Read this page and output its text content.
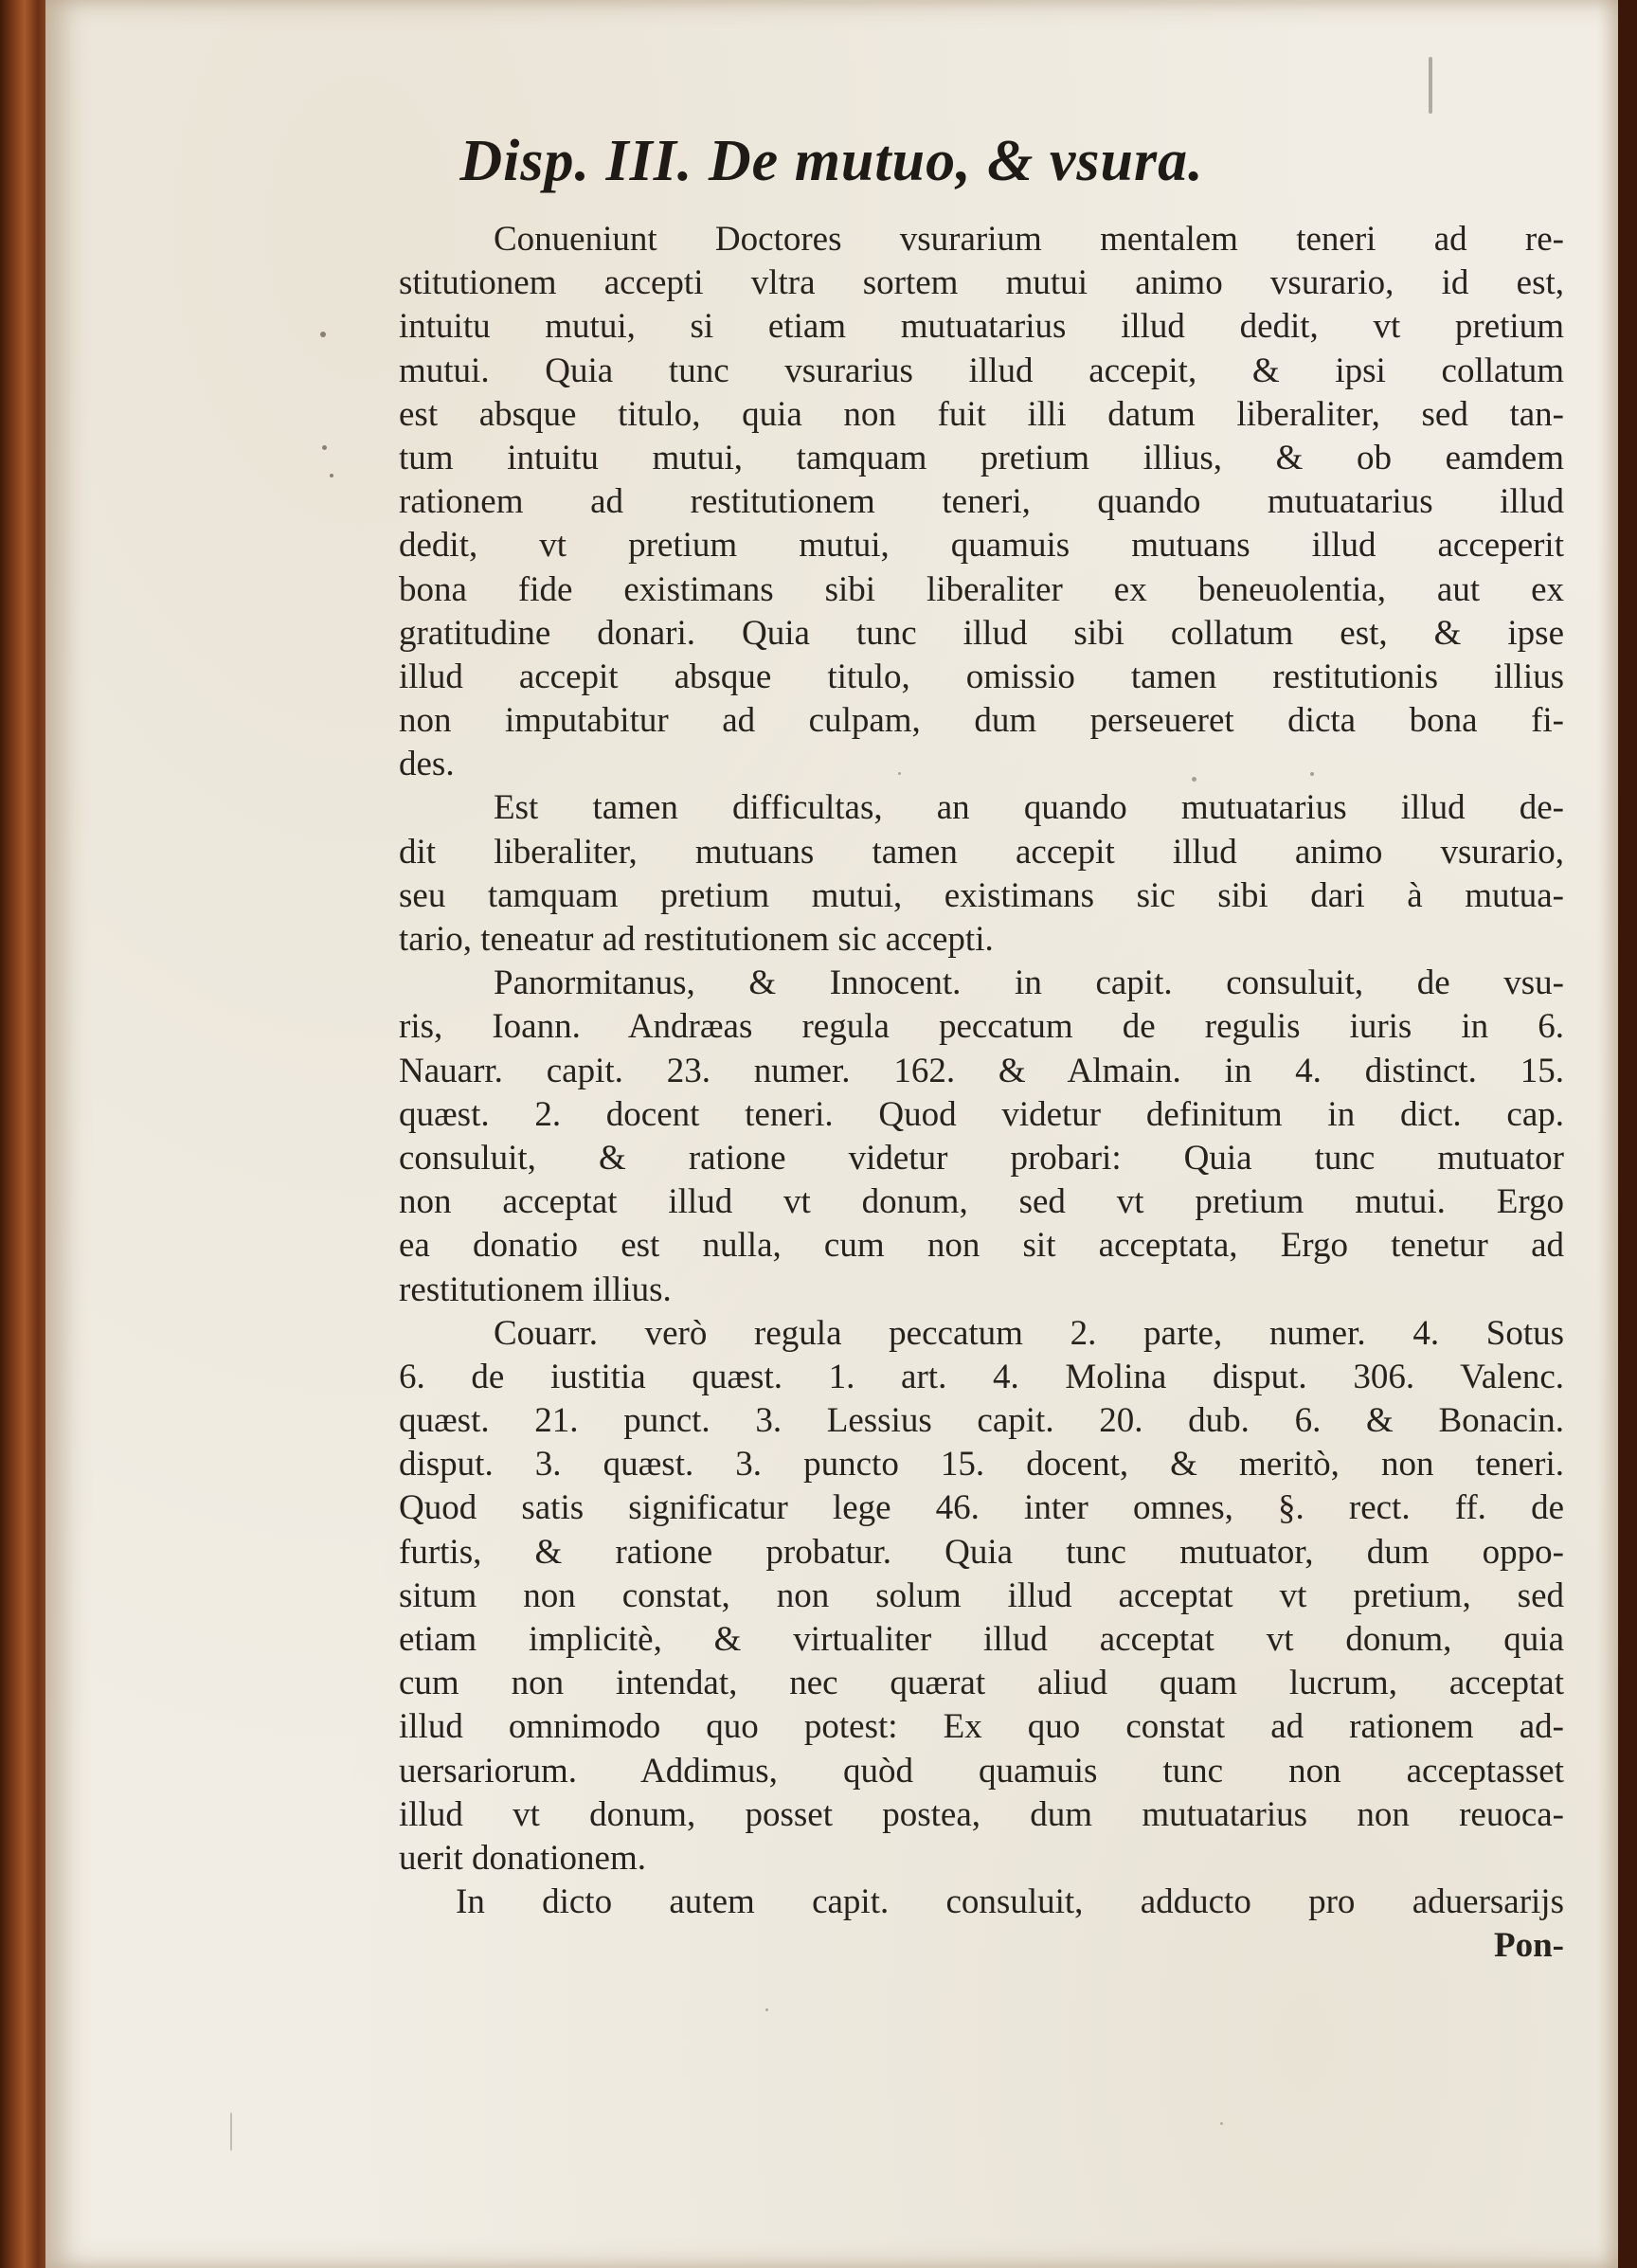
Disp. III. De mutuo, & vsura.
Conueniunt Doctores vsurarium mentalem teneri ad re-
stitutionem accepti vltra sortem mutui animo vsurario, id est,
intuitu mutui, si etiam mutuatarius illud dedit, vt pretium
mutui. Quia tunc vsurarius illud accepit, & ipsi collatum
est absque titulo, quia non fuit illi datum liberaliter, sed tan-
tum intuitu mutui, tamquam pretium illius, & ob eamdem
rationem ad restitutionem teneri, quando mutuatarius illud
dedit, vt pretium mutui, quamuis mutuans illud acceperit
bona fide existimans sibi liberaliter ex beneuolentia, aut ex
gratitudine donari. Quia tunc illud sibi collatum est, & ipse
illud accepit absque titulo, omissio tamen restitutionis illius
non imputabitur ad culpam, dum perseueret dicta bona fi-
des.
Est tamen difficultas, an quando mutuatarius illud de-
dit liberaliter, mutuans tamen accepit illud animo vsurario,
seu tamquam pretium mutui, existimans sic sibi dari à mutua-
tario, teneatur ad restitutionem sic accepti.
Panormitanus, & Innocent. in capit. consuluit, de vsu-
ris, Ioann. Andræas regula peccatum de regulis iuris in 6.
Nauarr. capit. 23. numer. 162. & Almain. in 4. distinct. 15.
quæst. 2. docent teneri. Quod videtur definitum in dict. cap.
consuluit, & ratione videtur probari: Quia tunc mutuator
non acceptat illud vt donum, sed vt pretium mutui. Ergo
ea donatio est nulla, cum non sit acceptata, Ergo tenetur ad
restitutionem illius.
Couarr. verò regula peccatum 2. parte, numer. 4. Sotus
6. de iustitia quæst. 1. art. 4. Molina disput. 306. Valenc.
quæst. 21. punct. 3. Lessius capit. 20. dub. 6. & Bonacin.
disput. 3. quæst. 3. puncto 15. docent, & meritò, non teneri.
Quod satis significatur lege 46. inter omnes, §. rect. ff. de
furtis, & ratione probatur. Quia tunc mutuator, dum oppo-
situm non constat, non solum illud acceptat vt pretium, sed
etiam implicitè, & virtualiter illud acceptat vt donum, quia
cum non intendat, nec quærat aliud quam lucrum, acceptat
illud omnimodo quo potest: Ex quo constat ad rationem ad-
uersariorum. Addimus, quòd quamuis tunc non acceptasset
illud vt donum, posset postea, dum mutuatarius non reuoca-
uerit donationem.
In dicto autem capit. consuluit, adducto pro aduersarijs
Pon-
